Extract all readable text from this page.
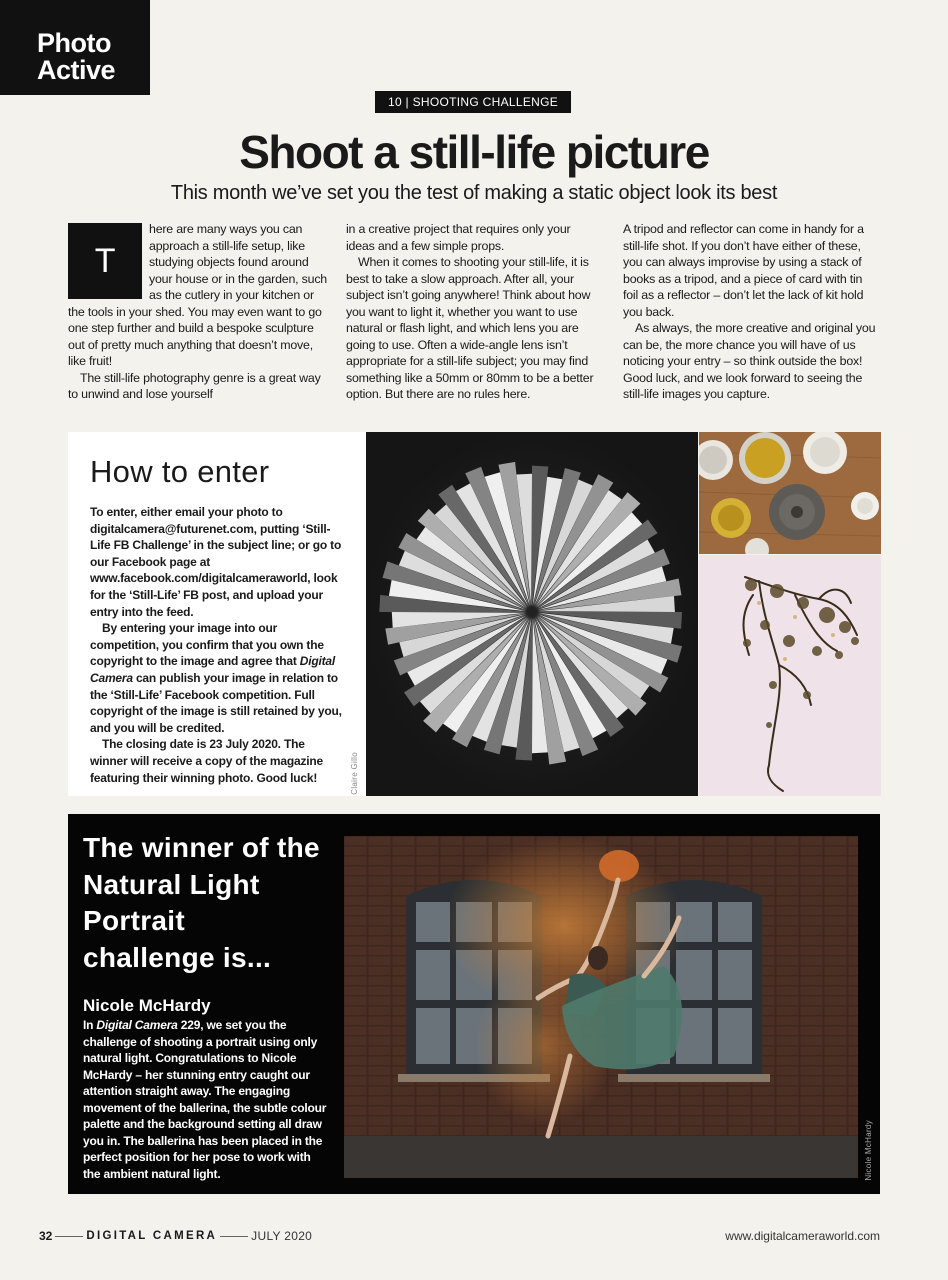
Photo
Active
10 | SHOOTING CHALLENGE
Shoot a still-life picture

This month we’ve set you the test of making a static object look its best

T

here are many ways you can approach a still-life setup, like studying objects found around your house or in the garden, such as the cutlery in your kitchen or the tools in your shed. You may even want to go one step further and build a bespoke sculpture out of pretty much anything that doesn’t move, like fruit!

The still-life photography genre is a great way to unwind and lose yourself

in a creative project that requires only your ideas and a few simple props.

When it comes to shooting your still-life, it is best to take a slow approach. After all, your subject isn’t going anywhere! Think about how you want to light it, whether you want to use natural or flash light, and which lens you are going to use. Often a wide-angle lens isn’t appropriate for a still-life subject; you may find something like a 50mm or 80mm to be a better option. But there are no rules here.

A tripod and reflector can come in handy for a still-life shot. If you don’t have either of these, you can always improvise by using a stack of books as a tripod, and a piece of card with tin foil as a reflector – don’t let the lack of kit hold you back.

As always, the more creative and original you can be, the more chance you will have of us noticing your entry – so think outside the box! Good luck, and we look forward to seeing the still-life images you capture.

How to enter

To enter, either email your photo to digitalcamera@futurenet.com, putting ‘Still-Life FB Challenge’ in the subject line; or go to our Facebook page at www.facebook.com/digitalcameraworld, look for the ‘Still-Life’ FB post, and upload your entry into the feed.

By entering your image into our competition, you confirm that you own the copyright to the image and agree that Digital Camera can publish your image in relation to the ‘Still-Life’ Facebook competition. Full copyright of the image is still retained by you, and you will be credited.

The closing date is 23 July 2020. The winner will receive a copy of the magazine featuring their winning photo. Good luck!	Claire Gillo
The winner of the Natural Light Portrait challenge is...
Nicole McHardy

In Digital Camera 229, we set you the challenge of shooting a portrait using only natural light. Congratulations to Nicole McHardy – her stunning entry caught our attention straight away. The engaging movement of the ballerina, the subtle colour palette and the background setting all draw you in. The ballerina has been placed in the perfect position for her pose to work with the ambient natural light.	Nicole McHardy
32	DIGITAL CAMERA	JULY 2020	www.digitalcameraworld.com
